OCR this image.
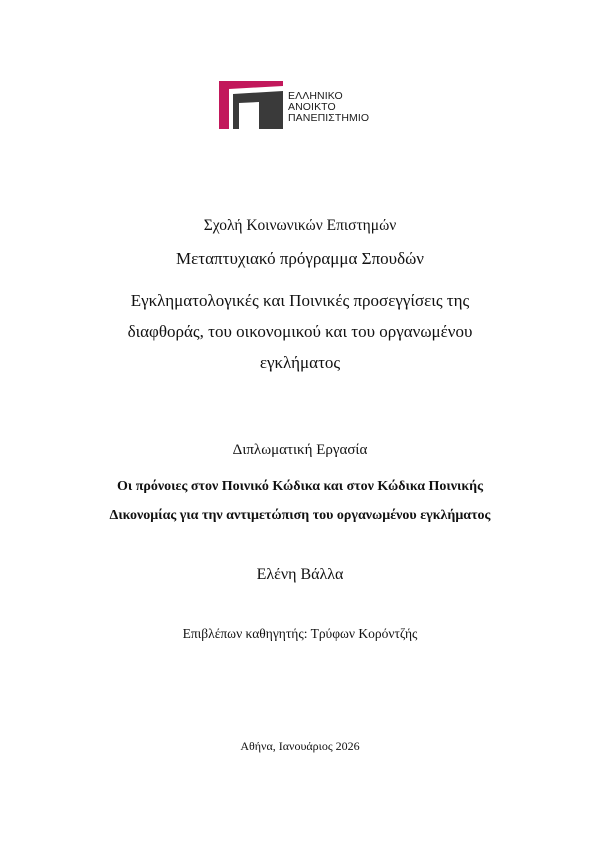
ΕΛΛΗΝΙΚΟ
ΑΝΟΙΚΤΟ
ΠΑΝΕΠΙΣΤΗΜΙΟ
Σχολή Κοινωνικών Επιστημών
Μεταπτυχιακό πρόγραμμα Σπουδών
Εγκληματολογικές και Ποινικές προσεγγίσεις της
διαφθοράς, του οικονομικού και του οργανωμένου
εγκλήματος
Διπλωματική Εργασία
Οι πρόνοιες στον Ποινικό Κώδικα και στον Κώδικα Ποινικής
Δικονομίας για την αντιμετώπιση του οργανωμένου εγκλήματος
Ελένη Βάλλα
Επιβλέπων καθηγητής: Τρύφων Κορόντζής
Αθήνα, Ιανουάριος 2026
